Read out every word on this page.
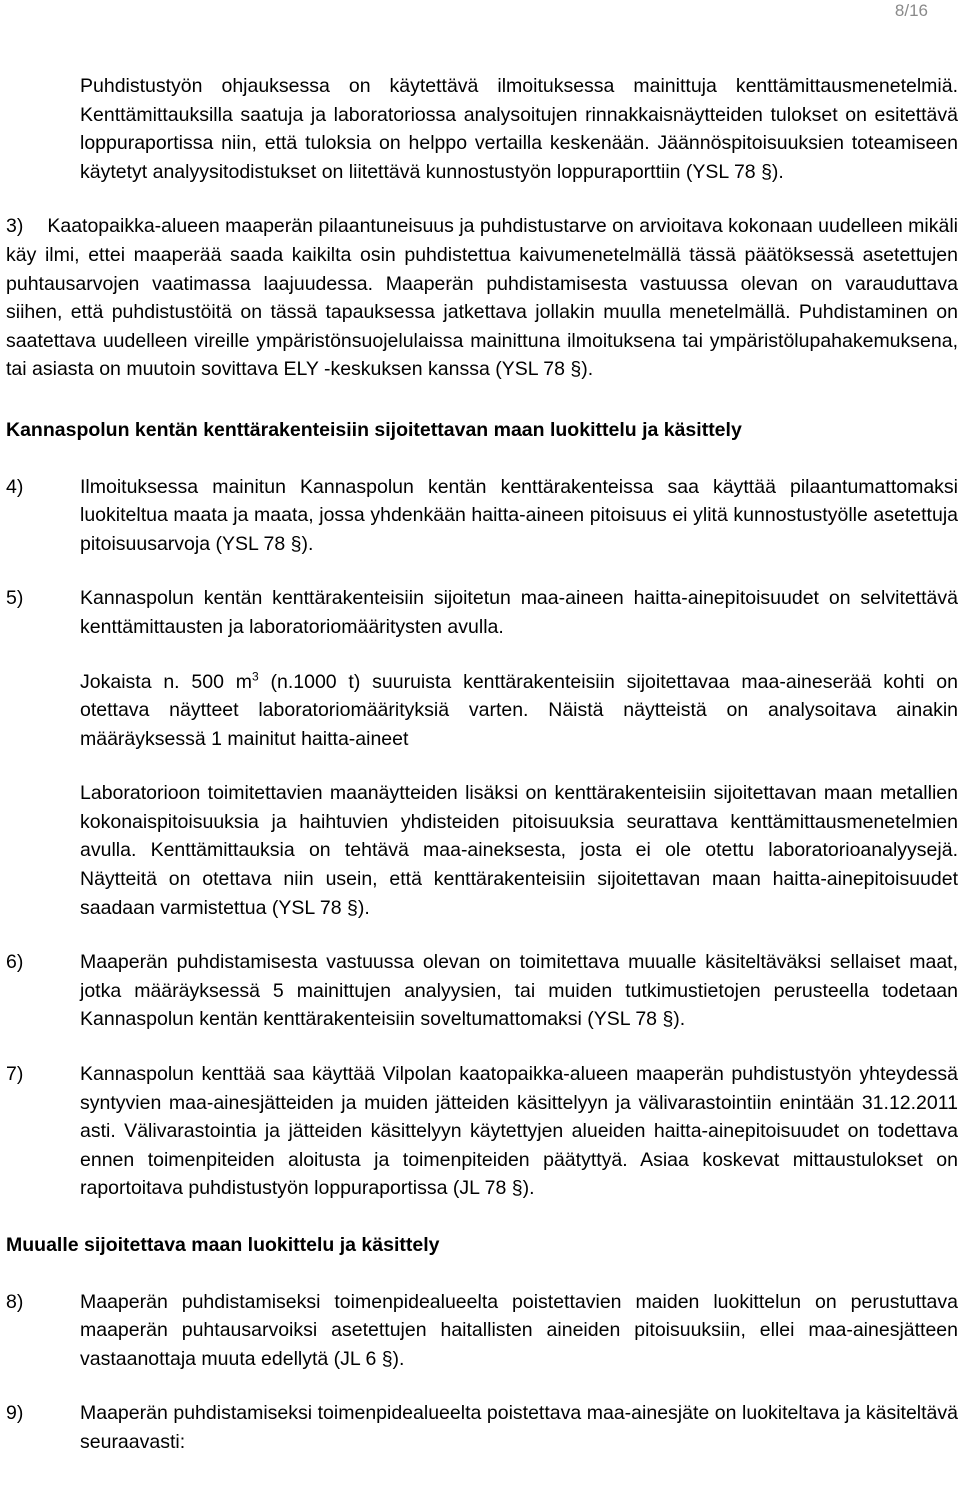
8/16

Puhdistustyön ohjauksessa on käytettävä ilmoituksessa mainittuja kenttämittausmenetelmiä. Kenttämittauksilla saatuja ja laboratoriossa analysoitujen rinnakkaisnäytteiden tulokset on esitettävä loppuraportissa niin, että tuloksia on helppo vertailla keskenään. Jäännöspitoisuuksien toteamiseen käytetyt analyysitodistukset on liitettävä kunnostustyön loppuraporttiin (YSL 78 §).

3) Kaatopaikka-alueen maaperän pilaantuneisuus ja puhdistustarve on arvioitava kokonaan uudelleen mikäli käy ilmi, ettei maaperää saada kaikilta osin puhdistettua kaivumenetelmällä tässä päätöksessä asetettujen puhtausarvojen vaatimassa laajuudessa. Maaperän puhdistamisesta vastuussa olevan on varauduttava siihen, että puhdistustöitä on tässä tapauksessa jatkettava jollakin muulla menetelmällä. Puhdistaminen on saatettava uudelleen vireille ympäristönsuojelulaissa mainittuna ilmoituksena tai ympäristölupahakemuksena, tai asiasta on muutoin sovittava ELY -keskuksen kanssa (YSL 78 §).
Kannaspolun kentän kenttärakenteisiin sijoitettavan maan luokittelu ja käsittely
4)	Ilmoituksessa mainitun Kannaspolun kentän kenttärakenteissa saa käyttää pilaantumattomaksi luokiteltua maata ja maata, jossa yhdenkään haitta-aineen pitoisuus ei ylitä kunnostustyölle asetettuja pitoisuusarvoja (YSL 78 §).
5)	Kannaspolun kentän kenttärakenteisiin sijoitetun maa-aineen haitta-ainepitoisuudet on selvitettävä kenttämittausten ja laboratoriomääritysten avulla.

Jokaista n. 500 $m^3$ (n.1000 t) suuruista kenttärakenteisiin sijoitettavaa maa-aineserää kohti on otettava näytteet laboratoriomäärityksiä varten. Näistä näytteistä on analysoitava ainakin määräyksessä 1 mainitut haitta-aineet

Laboratorioon toimitettavien maanäytteiden lisäksi on kenttärakenteisiin sijoitettavan maan metallien kokonaispitoisuuksia ja haihtuvien yhdisteiden pitoisuuksia seurattava kenttämittausmenetelmien avulla. Kenttämittauksia on tehtävä maa-aineksesta, josta ei ole otettu laboratorioanalyysejä. Näytteitä on otettava niin usein, että kenttärakenteisiin sijoitettavan maan haitta-ainepitoisuudet saadaan varmistettua (YSL 78 §).

6)	Maaperän puhdistamisesta vastuussa olevan on toimitettava muualle käsiteltäväksi sellaiset maat, jotka määräyksessä 5 mainittujen analyysien, tai muiden tutkimustietojen perusteella todetaan Kannaspolun kentän kenttärakenteisiin soveltumattomaksi (YSL 78 §).
7)	Kannaspolun kenttää saa käyttää Vilpolan kaatopaikka-alueen maaperän puhdistustyön yhteydessä syntyvien maa-ainesjätteiden ja muiden jätteiden käsittelyyn ja välivarastointiin enintään 31.12.2011 asti. Välivarastointia ja jätteiden käsittelyyn käytettyjen alueiden haitta-ainepitoisuudet on todettava ennen toimenpiteiden aloitusta ja toimenpiteiden päätyttyä. Asiaa koskevat mittaustulokset on raportoitava puhdistustyön loppuraportissa (JL 78 §).
Muualle sijoitettava maan luokittelu ja käsittely
8)	Maaperän puhdistamiseksi toimenpidealueelta poistettavien maiden luokittelun on perustuttava maaperän puhtausarvoiksi asetettujen haitallisten aineiden pitoisuuksiin, ellei maa-ainesjätteen vastaanottaja muuta edellytä (JL 6 §).
9)	Maaperän puhdistamiseksi toimenpidealueelta poistettava maa-ainesjäte on luokiteltava ja käsiteltävä seuraavasti:
